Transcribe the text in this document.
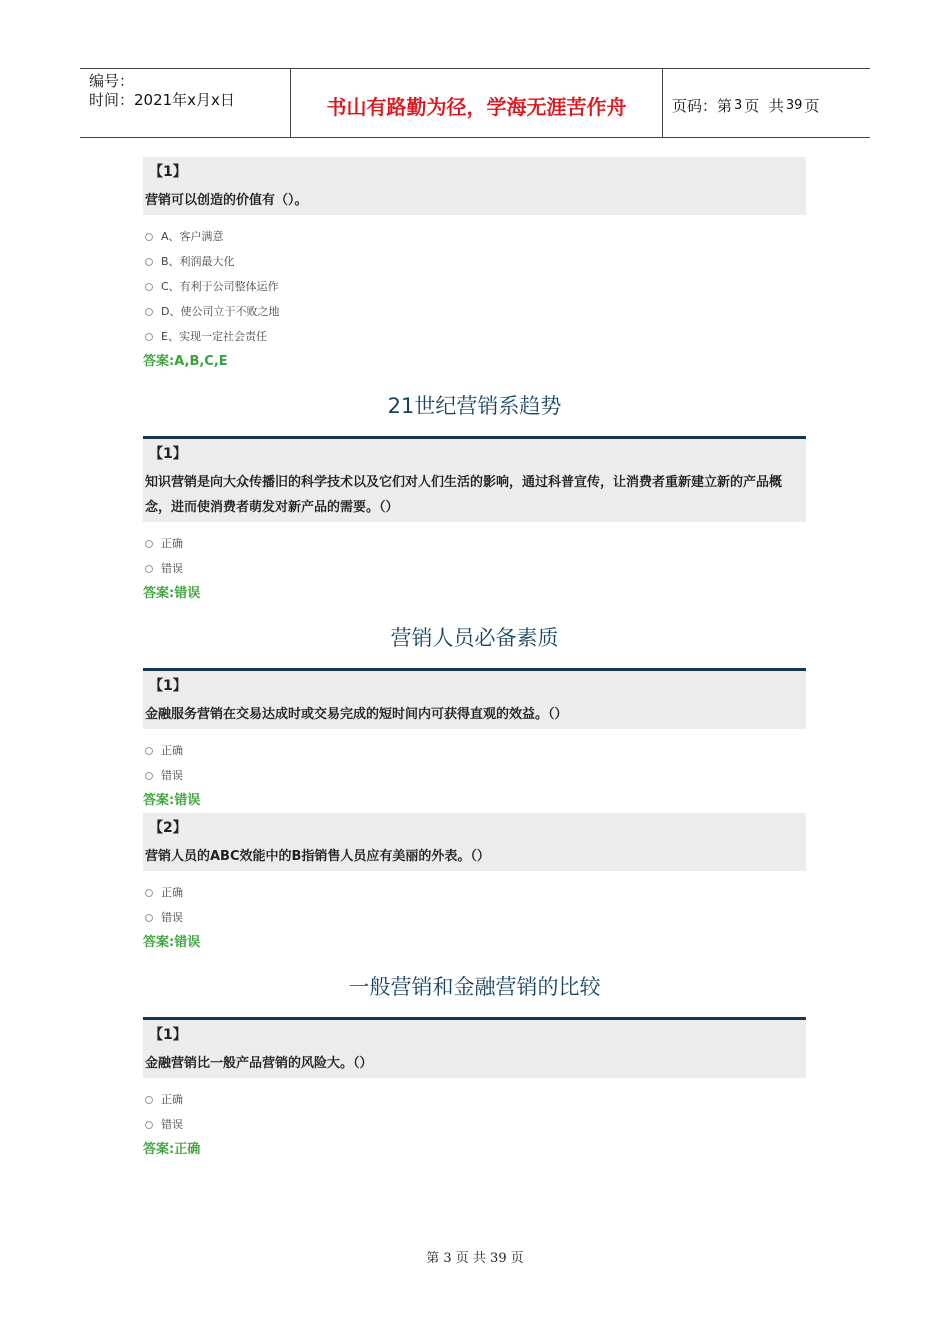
编号：
时间：2021年x月x日	书山有路勤为径，学海无涯苦作舟	页码：第 3 页  共 39 页
【1】
营销可以创造的价值有（）。
A、客户满意
B、利润最大化
C、有利于公司整体运作
D、使公司立于不败之地
E、实现一定社会责任
答案:A,B,C,E
21世纪营销系趋势
【1】
知识营销是向大众传播旧的科学技术以及它们对人们生活的影响，通过科普宣传，让消费者重新建立新的产品概念，进而使消费者萌发对新产品的需要。（）
正确
错误
答案:错误
营销人员必备素质
【1】
金融服务营销在交易达成时或交易完成的短时间内可获得直观的效益。（）
正确
错误
答案:错误
【2】
营销人员的ABC效能中的B指销售人员应有美丽的外表。（）
正确
错误
答案:错误
一般营销和金融营销的比较
【1】
金融营销比一般产品营销的风险大。（）
正确
错误
答案:正确
第 3 页 共 39 页
